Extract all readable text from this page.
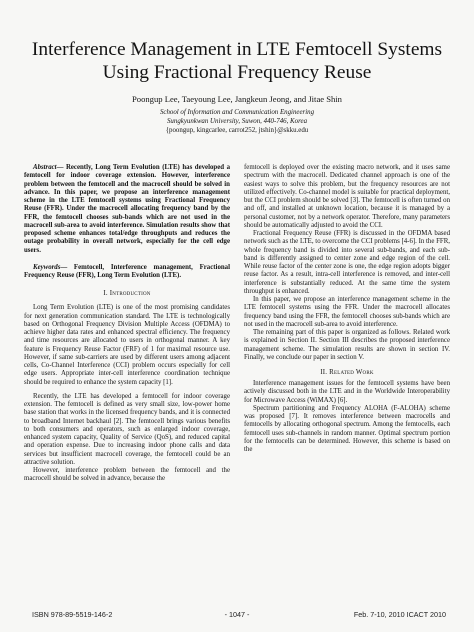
Interference Management in LTE Femtocell Systems
Using Fractional Frequency Reuse
Poongup Lee, Taeyoung Lee, Jangkeun Jeong, and Jitae Shin
School of Information and Communication Engineering
Sungkyunkwan University, Suwon, 440-746, Korea
{poongup, kingcarlee, carrot252, jtshin}@skku.edu

Abstract— Recently, Long Term Evolution (LTE) has developed a femtocell for indoor coverage extension. However, interference problem between the femtocell and the macrocell should be solved in advance. In this paper, we propose an interference management scheme in the LTE femtocell systems using Fractional Frequency Reuse (FFR). Under the macrocell allocating frequency band by the FFR, the femtocell chooses sub-bands which are not used in the macrocell sub-area to avoid interference. Simulation results show that proposed scheme enhances total/edge throughputs and reduces the outage probability in overall network, especially for the cell edge users.

Keywords— Femtocell, Interference management, Fractional Frequency Reuse (FFR), Long Term Evolution (LTE).

I. Introduction

Long Term Evolution (LTE) is one of the most promising candidates for next generation communication standard. The LTE is technologically based on Orthogonal Frequency Division Multiple Access (OFDMA) to achieve higher data rates and enhanced spectral efficiency. The frequency and time resources are allocated to users in orthogonal manner. A key feature is Frequency Reuse Factor (FRF) of 1 for maximal resource use. However, if same sub-carriers are used by different users among adjacent cells, Co-Channel Interference (CCI) problem occurs especially for cell edge users. Appropriate inter-cell interference coordination technique should be required to enhance the system capacity [1].

Recently, the LTE has developed a femtocell for indoor coverage extension. The femtocell is defined as very small size, low-power home base station that works in the licensed frequency bands, and it is connected to broadband Internet backhaul [2]. The femtocell brings various benefits to both consumers and operators, such as enlarged indoor coverage, enhanced system capacity, Quality of Service (QoS), and reduced capital and operation expense. Due to increasing indoor phone calls and data services but insufficient macrocell coverage, the femtocell could be an attractive solution.

However, interference problem between the femtocell and the macrocell should be solved in advance, because the

femtocell is deployed over the existing macro network, and it uses same spectrum with the macrocell. Dedicated channel approach is one of the easiest ways to solve this problem, but the frequency resources are not utilized effectively. Co-channel model is suitable for practical deployment, but the CCI problem should be solved [3]. The femtocell is often turned on and off, and installed at unknown location, because it is managed by a personal customer, not by a network operator. Therefore, many parameters should be automatically adjusted to avoid the CCI.

Fractional Frequency Reuse (FFR) is discussed in the OFDMA based network such as the LTE, to overcome the CCI problems [4-6]. In the FFR, whole frequency band is divided into several sub-bands, and each sub-band is differently assigned to center zone and edge region of the cell. While reuse factor of the center zone is one, the edge region adopts bigger reuse factor. As a result, intra-cell interference is removed, and inter-cell interference is substantially reduced. At the same time the system throughput is enhanced.

In this paper, we propose an interference management scheme in the LTE femtocell systems using the FFR. Under the macrocell allocates frequency band using the FFR, the femtocell chooses sub-bands which are not used in the macrocell sub-area to avoid interference.

The remaining part of this paper is organized as follows. Related work is explained in Section II. Section III describes the proposed interference management scheme. The simulation results are shown in section IV. Finally, we conclude our paper in section V.

II. Related Work

Interference management issues for the femtocell systems have been actively discussed both in the LTE and in the Worldwide Interoperability for Microwave Access (WiMAX) [6].

Spectrum partitioning and Frequency ALOHA (F-ALOHA) scheme was proposed [7]. It removes interference between macrocells and femtocells by allocating orthogonal spectrum. Among the femtocells, each femtocell uses sub-channels in random manner. Optimal spectrum portion for the femtocells can be determined. However, this scheme is based on the

ISBN 978-89-5519-146-2	- 1047 -	Feb. 7-10, 2010 ICACT 2010
